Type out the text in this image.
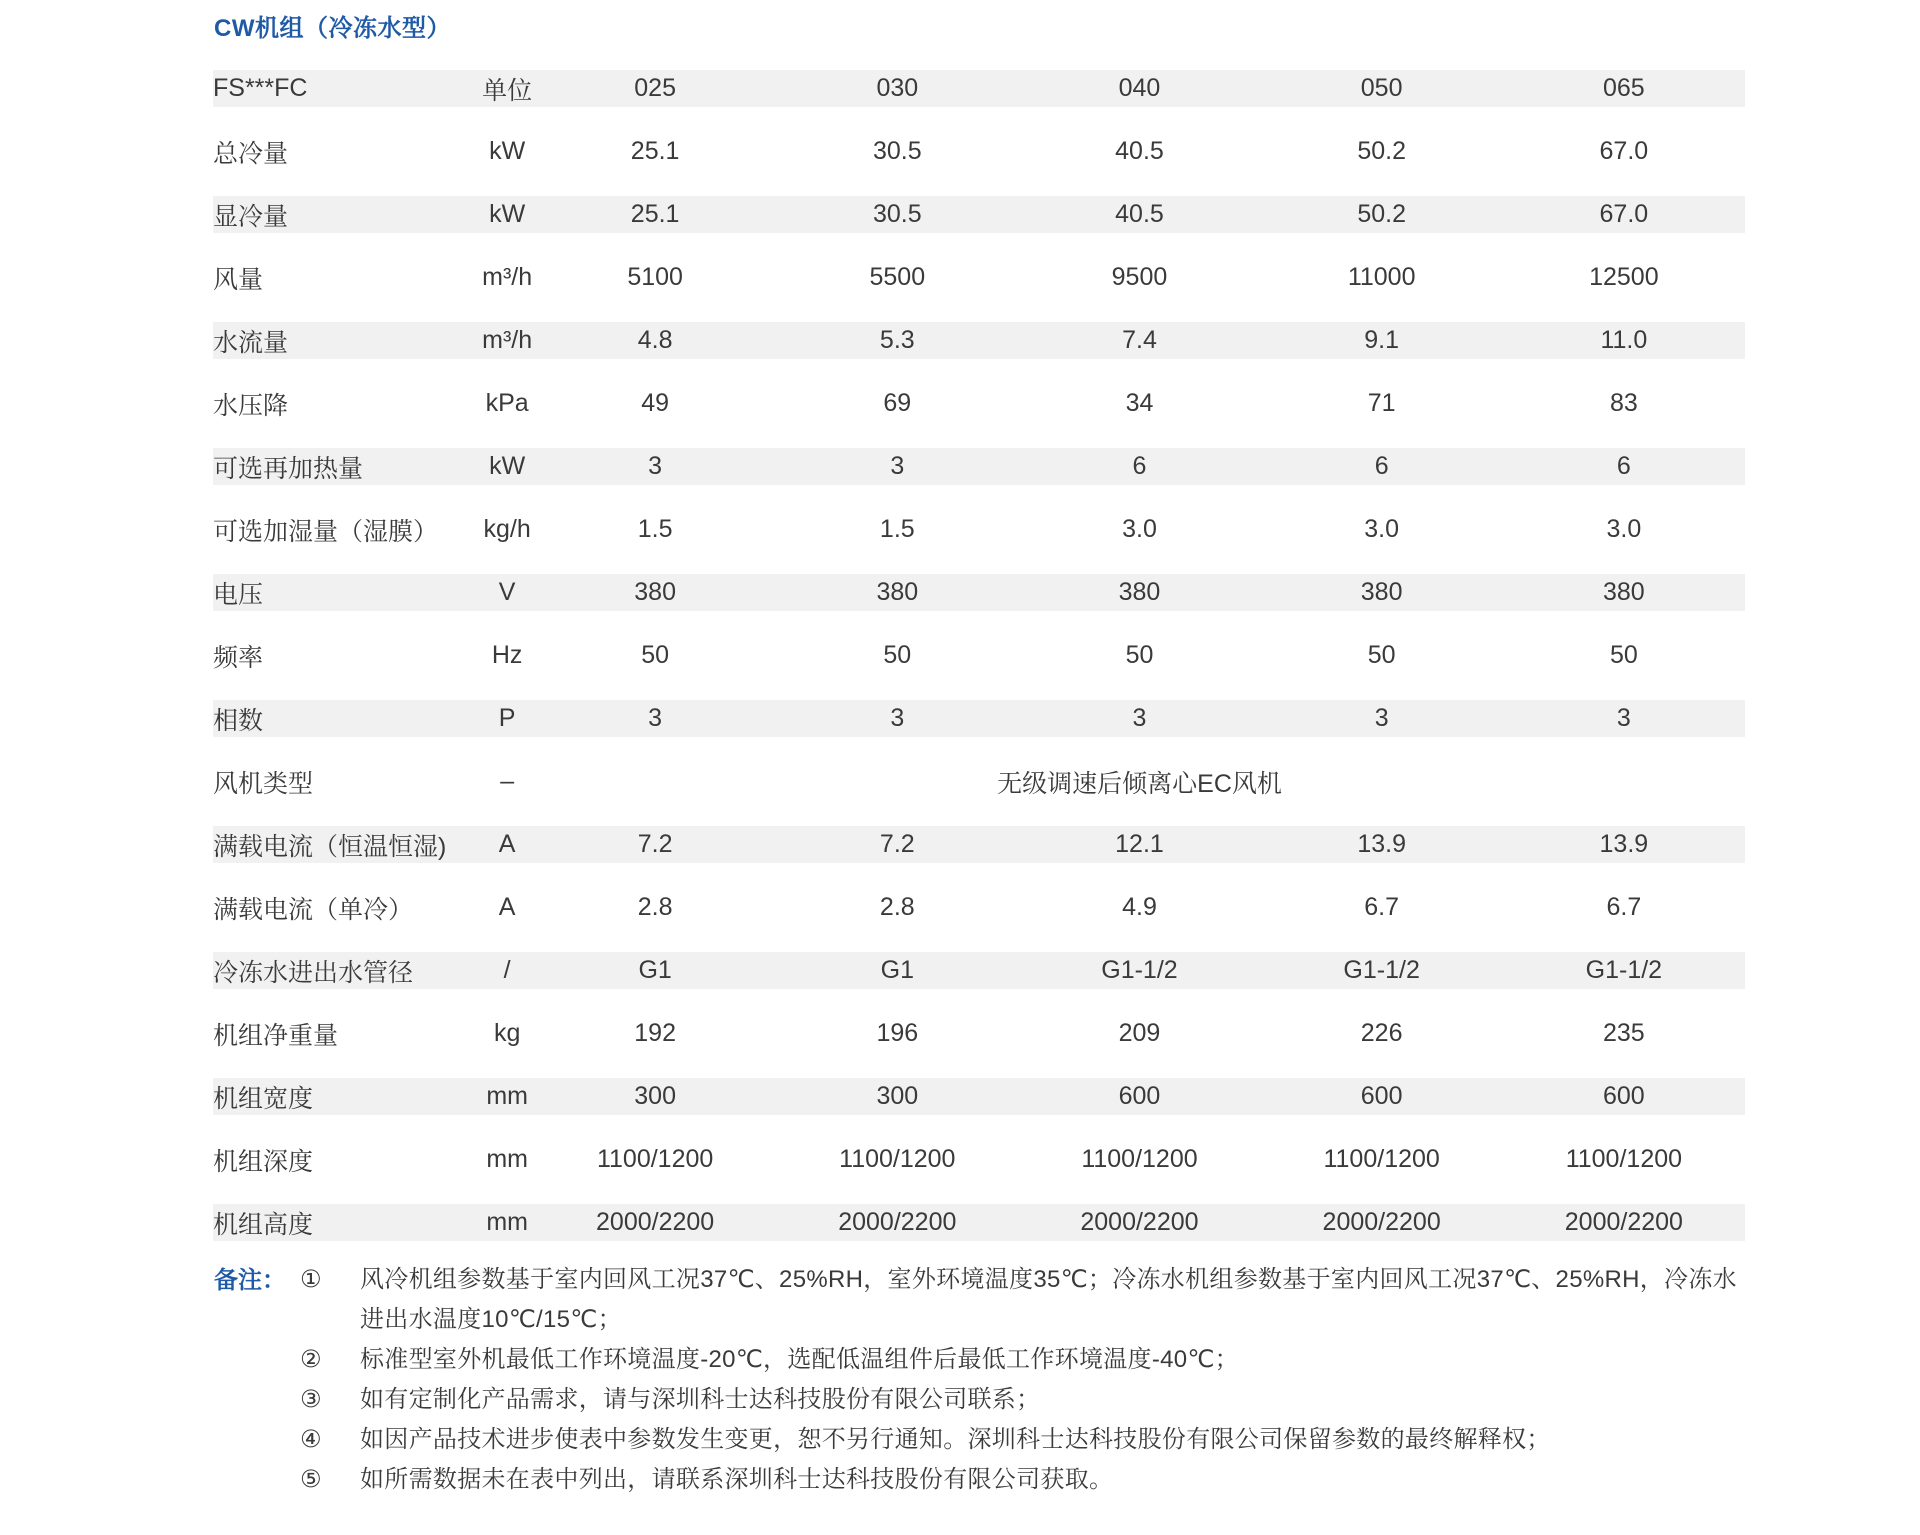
CW机组（冷冻水型）
FS***FC	单位	025	030	040	050	065
总冷量	kW	25.1	30.5	40.5	50.2	67.0
显冷量	kW	25.1	30.5	40.5	50.2	67.0
风量	m³/h	5100	5500	9500	11000	12500
水流量	m³/h	4.8	5.3	7.4	9.1	11.0
水压降	kPa	49	69	34	71	83
可选再加热量	kW	3	3	6	6	6
可选加湿量（湿膜）	kg/h	1.5	1.5	3.0	3.0	3.0
电压	V	380	380	380	380	380
频率	Hz	50	50	50	50	50
相数	P	3	3	3	3	3
风机类型	–	无级调速后倾离心EC风机				
满载电流（恒温恒湿)	A	7.2	7.2	12.1	13.9	13.9
满载电流（单冷）	A	2.8	2.8	4.9	6.7	6.7
冷冻水进出水管径	/	G1	G1	G1-1/2	G1-1/2	G1-1/2
机组净重量	kg	192	196	209	226	235
机组宽度	mm	300	300	600	600	600
机组深度	mm	1100/1200	1100/1200	1100/1200	1100/1200	1100/1200
机组高度	mm	2000/2200	2000/2200	2000/2200	2000/2200	2000/2200
备注： ①	风冷机组参数基于室内回风工况37℃、25%RH，室外环境温度35℃；冷冻水机组参数基于室内回风工况37℃、25%RH，冷冻水进出水温度10℃/15℃；
②	标准型室外机最低工作环境温度-20℃，选配低温组件后最低工作环境温度-40℃；
③	如有定制化产品需求，请与深圳科士达科技股份有限公司联系；
④	如因产品技术进步使表中参数发生变更，恕不另行通知。深圳科士达科技股份有限公司保留参数的最终解释权；
⑤	如所需数据未在表中列出，请联系深圳科士达科技股份有限公司获取。
